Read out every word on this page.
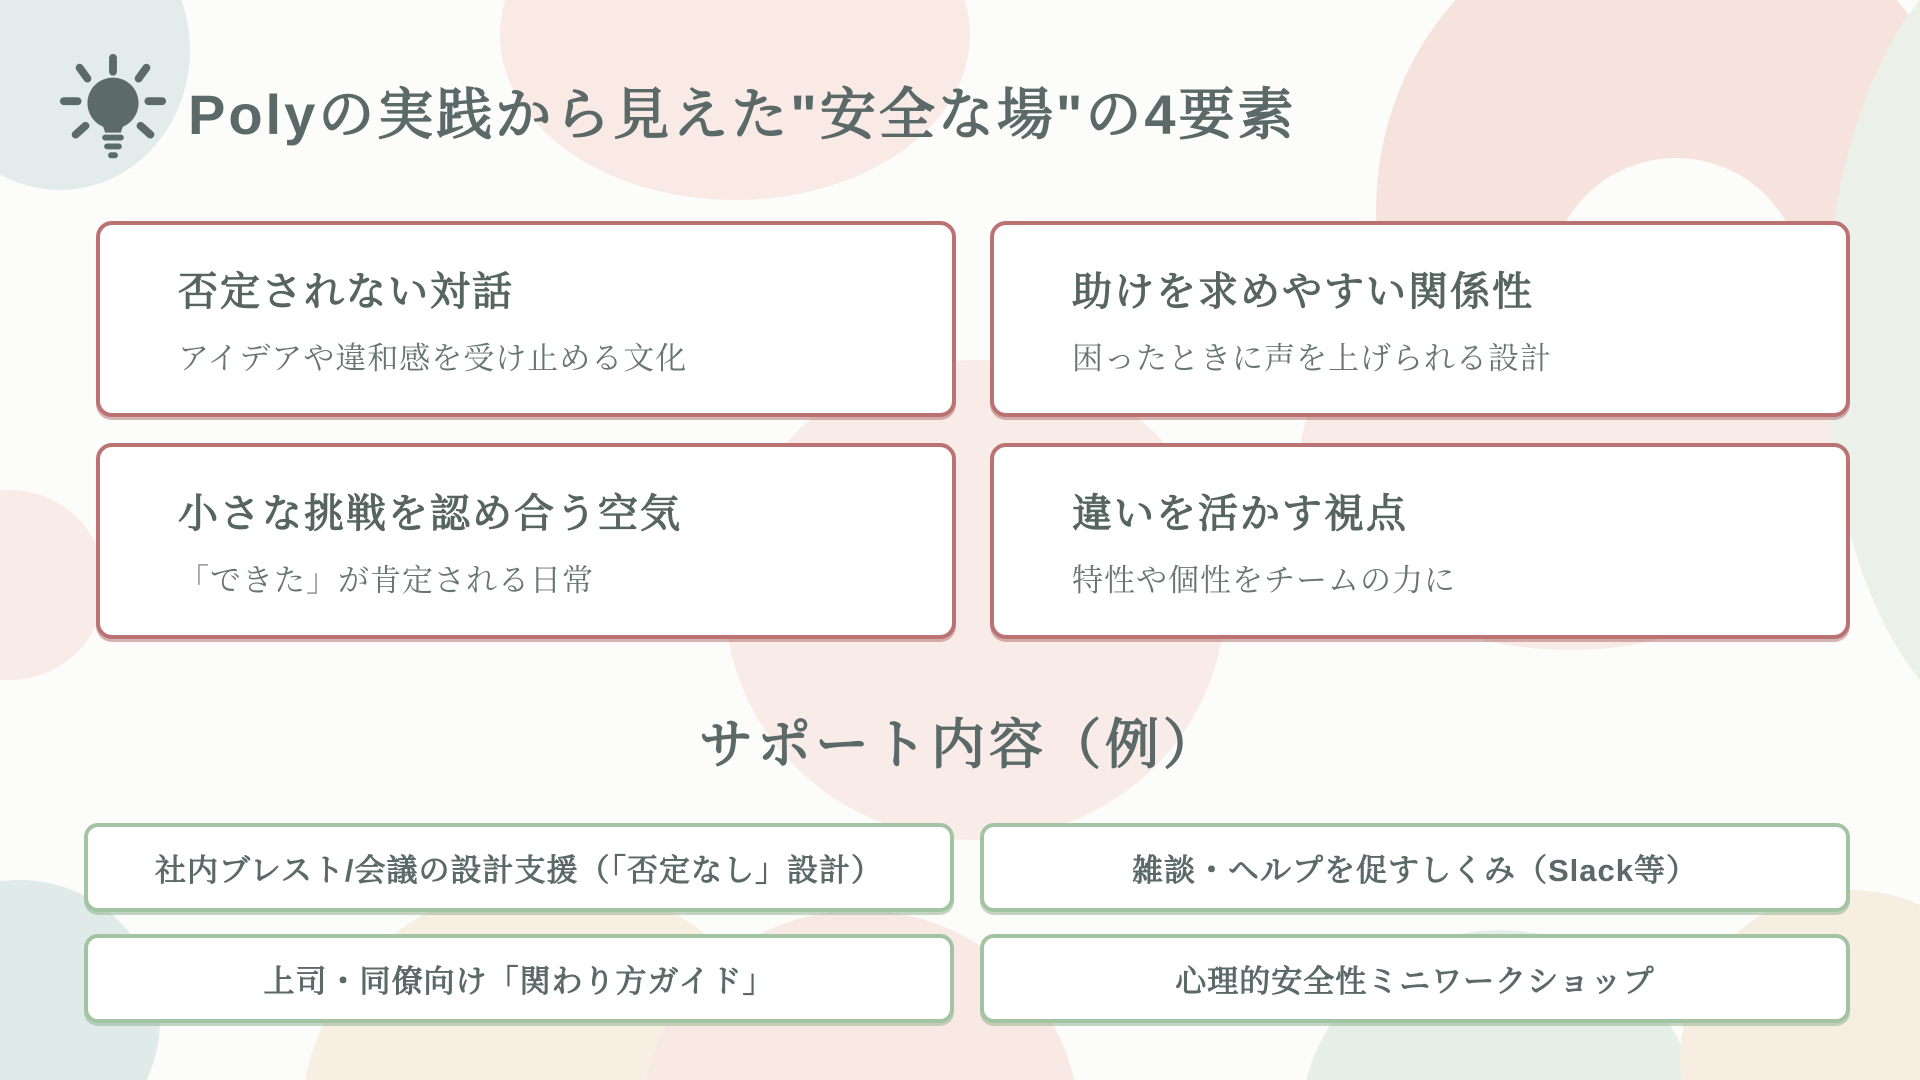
Polyの実践から見えた"安全な場"の4要素
否定されない対話
アイデアや違和感を受け止める文化
助けを求めやすい関係性
困ったときに声を上げられる設計
小さな挑戦を認め合う空気
「できた」が肯定される日常
違いを活かす視点
特性や個性をチームの力に
サポート内容（例）
社内ブレスト/会議の設計支援（「否定なし」設計）	雑談・ヘルプを促すしくみ（Slack等）
上司・同僚向け「関わり方ガイド」	心理的安全性ミニワークショップ
